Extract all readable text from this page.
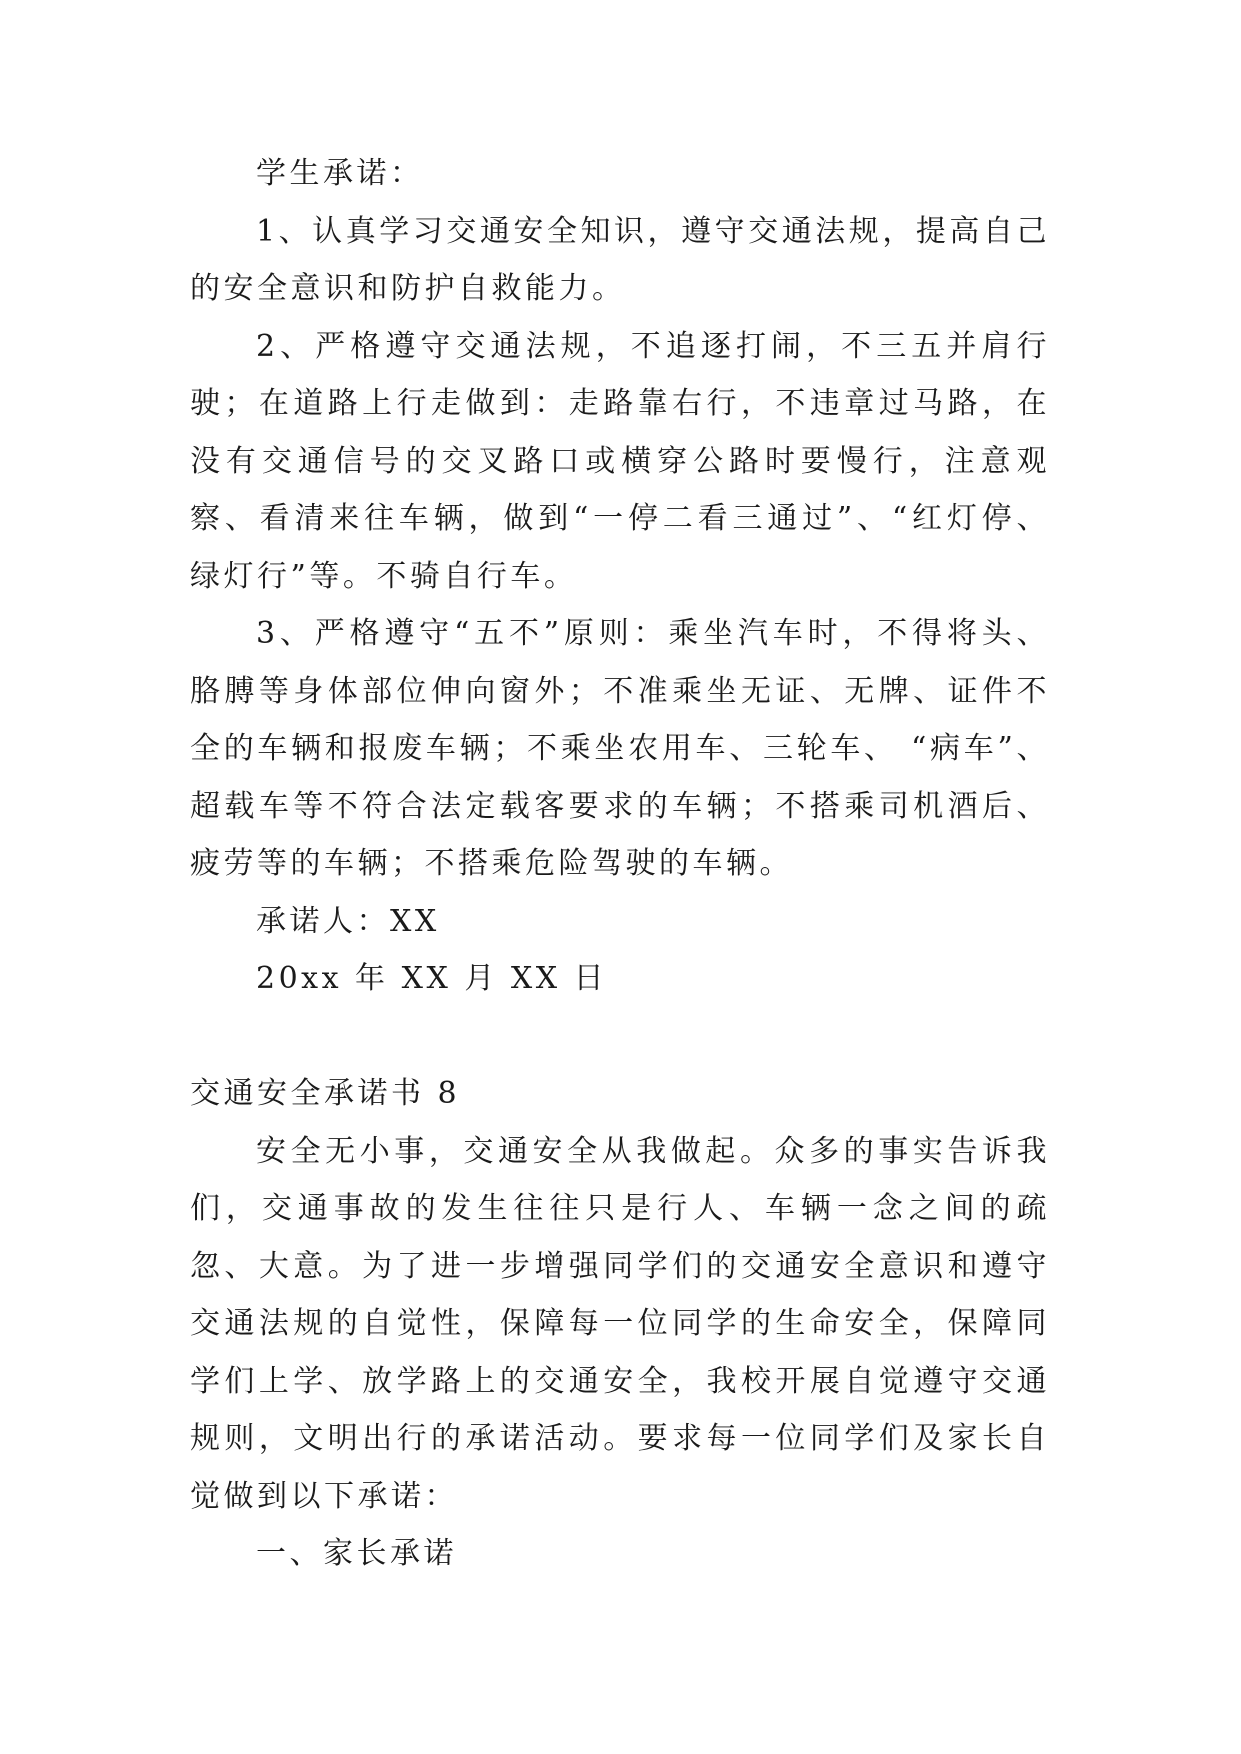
学生承诺：

1、认真学习交通安全知识，遵守交通法规，提高自己的安全意识和防护自救能力。

2、严格遵守交通法规，不追逐打闹，不三五并肩行驶；在道路上行走做到：走路靠右行，不违章过马路，在没有交通信号的交叉路口或横穿公路时要慢行，注意观察、看清来往车辆，做到“一停二看三通过”、“红灯停、绿灯行”等。不骑自行车。

3、严格遵守“五不”原则：乘坐汽车时，不得将头、胳膊等身体部位伸向窗外；不准乘坐无证、无牌、证件不全的车辆和报废车辆；不乘坐农用车、三轮车、 “病车”、超载车等不符合法定载客要求的车辆；不搭乘司机酒后、疲劳等的车辆；不搭乘危险驾驶的车辆。

承诺人：XX

20xx 年 XX 月 XX 日

交通安全承诺书 8

安全无小事，交通安全从我做起。众多的事实告诉我们，交通事故的发生往往只是行人、车辆一念之间的疏忽、大意。为了进一步增强同学们的交通安全意识和遵守交通法规的自觉性，保障每一位同学的生命安全，保障同学们上学、放学路上的交通安全，我校开展自觉遵守交通规则，文明出行的承诺活动。要求每一位同学们及家长自觉做到以下承诺：

一、家长承诺
